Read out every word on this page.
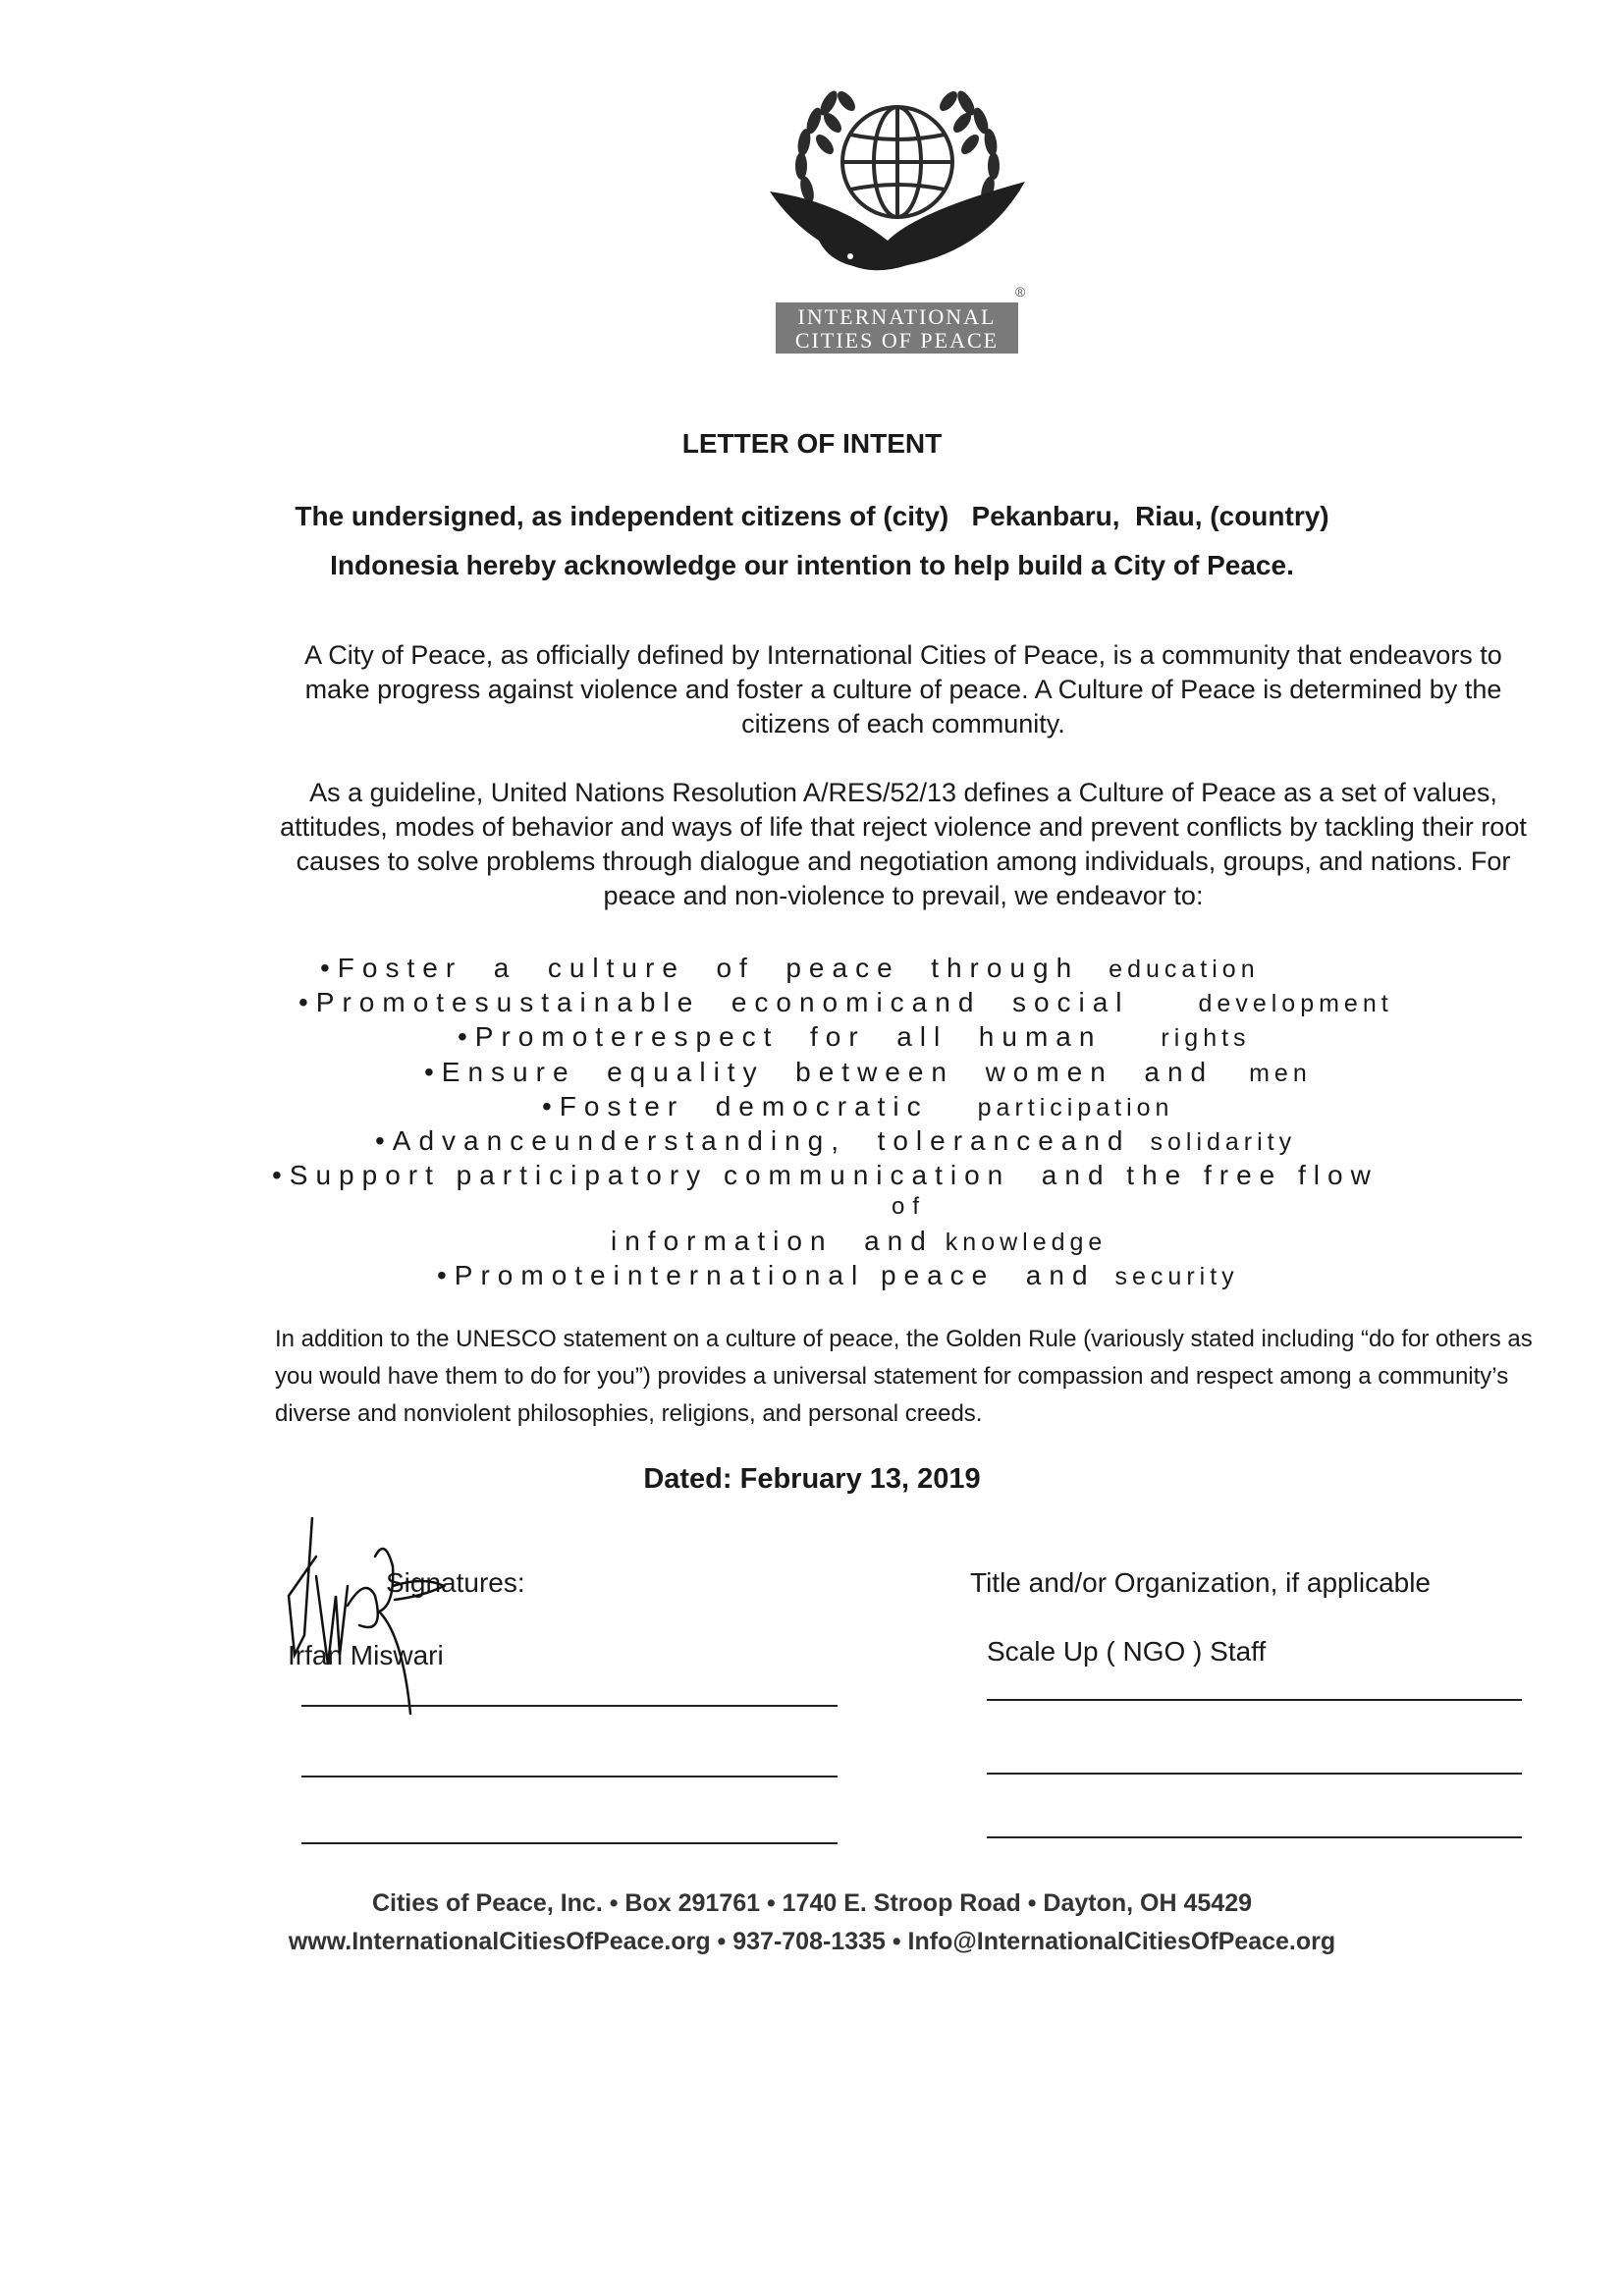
INTERNATIONAL
CITIES OF PEACE
®
LETTER OF INTENT
The undersigned, as independent citizens of (city)   Pekanbaru,  Riau, (country)
Indonesia hereby acknowledge our intention to help build a City of Peace.
A City of Peace, as officially defined by International Cities of Peace, is a community that endeavors to make progress against violence and foster a culture of peace. A Culture of Peace is determined by the citizens of each community.
As a guideline, United Nations Resolution A/RES/52/13 defines a Culture of Peace as a set of values, attitudes, modes of behavior and ways of life that reject violence and prevent conflicts by tackling their root causes to solve problems through dialogue and negotiation among individuals, groups, and nations. For peace and non-violence to prevail, we endeavor to:
•Foster  a  culture  of  peace  through education
•Promotesustainable  economicand  social	development
•Promoterespect  for  all  human rights
•Ensure  equality  between  women  and men
•Foster  democratic participation
•Advanceunderstanding,  toleranceand solidarity
•Support participatory communication  and the free flow
of
information  and knowledge
•Promoteinternational peace  and security
In addition to the UNESCO statement on a culture of peace, the Golden Rule (variously stated including “do for others as you would have them to do for you”) provides a universal statement for compassion and respect among a community’s diverse and nonviolent philosophies, religions, and personal creeds.
Dated: February 13, 2019
Signatures:
Irfan Miswari
Title and/or Organization, if applicable
Scale Up ( NGO ) Staff
Cities of Peace, Inc. • Box 291761 • 1740 E. Stroop Road • Dayton, OH 45429
www.InternationalCitiesOfPeace.org • 937-708-1335 • Info@InternationalCitiesOfPeace.org
